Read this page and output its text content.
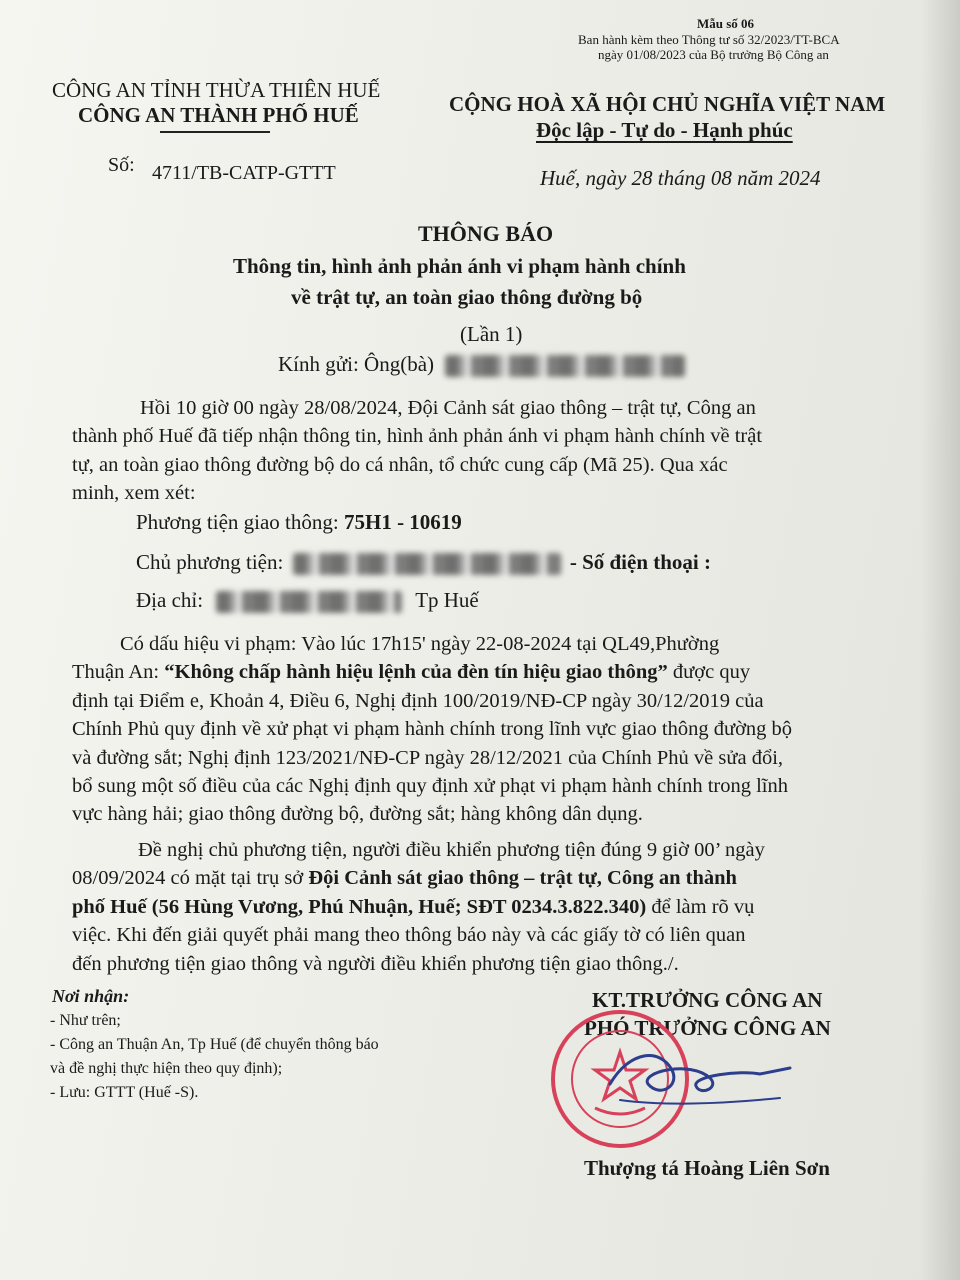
Mẫu số 06
Ban hành kèm theo Thông tư số 32/2023/TT-BCA
ngày 01/08/2023 của Bộ trưởng Bộ Công an
CÔNG AN TỈNH THỪA THIÊN HUẾ
CÔNG AN THÀNH PHỐ HUẾ
Số: 4711/TB-CATP-GTTT
CỘNG HOÀ XÃ HỘI CHỦ NGHĨA VIỆT NAM
Độc lập - Tự do - Hạnh phúc
Huế, ngày 28 tháng 08 năm 2024
THÔNG BÁO
Thông tin, hình ảnh phản ánh vi phạm hành chính
về trật tự, an toàn giao thông đường bộ
(Lần 1)
Kính gửi: Ông(bà)
Hồi 10 giờ 00 ngày 28/08/2024, Đội Cảnh sát giao thông – trật tự, Công an
thành phố Huế đã tiếp nhận thông tin, hình ảnh phản ánh vi phạm hành chính về trật
tự, an toàn giao thông đường bộ do cá nhân, tổ chức cung cấp (Mã 25). Qua xác
minh, xem xét:
Phương tiện giao thông: 75H1 - 10619
Chủ phương tiện:	- Số điện thoại :
Địa chỉ:	Tp Huế
Có dấu hiệu vi phạm: Vào lúc 17h15' ngày 22-08-2024 tại QL49,Phường
Thuận An: “Không chấp hành hiệu lệnh của đèn tín hiệu giao thông” được quy
định tại Điểm e, Khoản 4, Điều 6, Nghị định 100/2019/NĐ-CP ngày 30/12/2019 của
Chính Phủ quy định về xử phạt vi phạm hành chính trong lĩnh vực giao thông đường bộ
và đường sắt; Nghị định 123/2021/NĐ-CP ngày 28/12/2021 của Chính Phủ về sửa đổi,
bổ sung một số điều của các Nghị định quy định xử phạt vi phạm hành chính trong lĩnh
vực hàng hải; giao thông đường bộ, đường sắt; hàng không dân dụng.
Đề nghị chủ phương tiện, người điều khiển phương tiện đúng 9 giờ 00’ ngày
08/09/2024 có mặt tại trụ sở Đội Cảnh sát giao thông – trật tự, Công an thành
phố Huế (56 Hùng Vương, Phú Nhuận, Huế; SĐT 0234.3.822.340) để làm rõ vụ
việc. Khi đến giải quyết phải mang theo thông báo này và các giấy tờ có liên quan
đến phương tiện giao thông và người điều khiển phương tiện giao thông./.
Nơi nhận:
- Như trên;
- Công an Thuận An, Tp Huế (để chuyển thông báo
và đề nghị thực hiện theo quy định);
- Lưu: GTTT (Huế -S).
KT.TRƯỞNG CÔNG AN
PHÓ TRƯỞNG CÔNG AN
Thượng tá Hoàng Liên Sơn
